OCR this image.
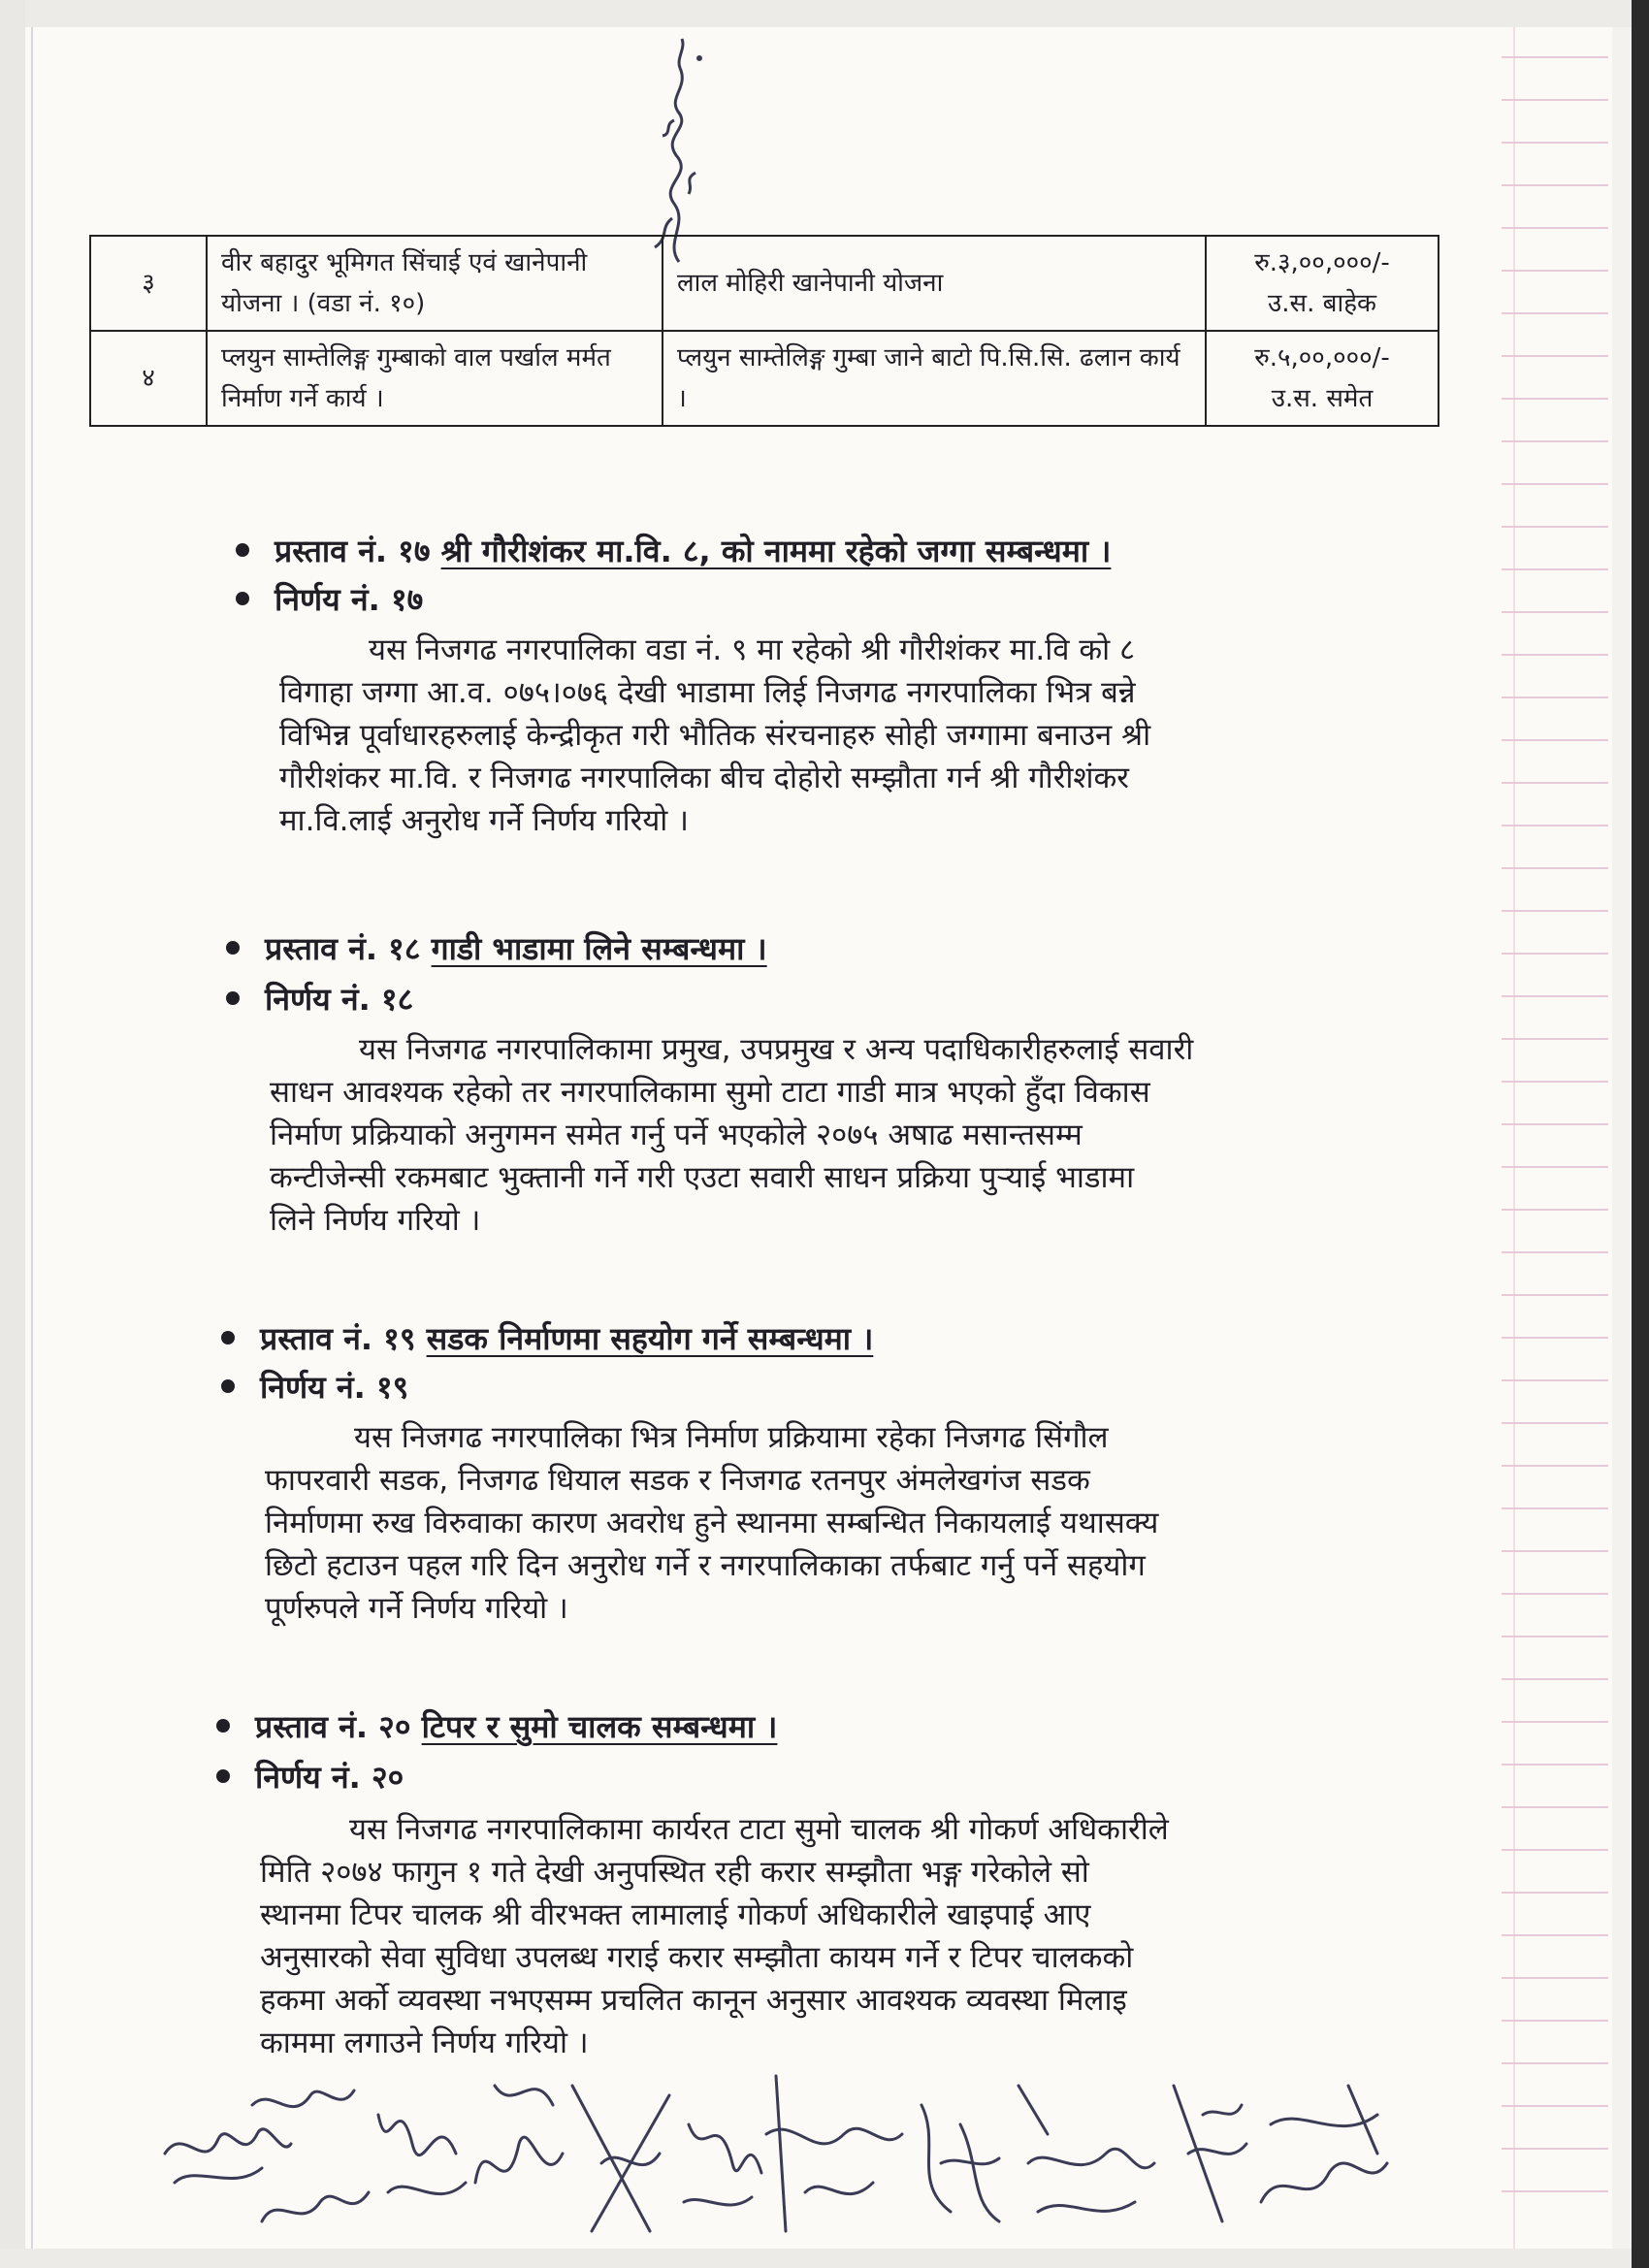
३	वीर बहादुर भूमिगत सिंचाई एवं खानेपानी योजना । (वडा नं. १०)	लाल मोहिरी खानेपानी योजना	रु.३,००,०००/-
उ.स. बाहेक

४	प्लयुन साम्तेलिङ्ग गुम्बाको वाल पर्खाल मर्मत निर्माण गर्ने कार्य ।	प्लयुन साम्तेलिङ्ग गुम्बा जाने बाटो पि.सि.सि. ढलान कार्य ।	रु.५,००,०००/-
उ.स. समेत
प्रस्ताव नं. १७ श्री गौरीशंकर मा.वि. ८, को नाममा रहेको जग्गा सम्बन्धमा ।
निर्णय नं. १७
यस निजगढ नगरपालिका वडा नं. ९ मा रहेको श्री गौरीशंकर मा.वि को ८
विगाहा जग्गा आ.व. ०७५।०७६ देखी भाडामा लिई निजगढ नगरपालिका भित्र बन्ने
विभिन्न पूर्वाधारहरुलाई केन्द्रीकृत गरी भौतिक संरचनाहरु सोही जग्गामा बनाउन श्री
गौरीशंकर मा.वि. र निजगढ नगरपालिका बीच दोहोरो सम्झौता गर्न श्री गौरीशंकर
मा.वि.लाई अनुरोध गर्ने निर्णय गरियो ।
प्रस्ताव नं. १८ गाडी भाडामा लिने सम्बन्धमा ।
निर्णय नं. १८
यस निजगढ नगरपालिकामा प्रमुख, उपप्रमुख र अन्य पदाधिकारीहरुलाई सवारी
साधन आवश्यक रहेको तर नगरपालिकामा सुमो टाटा गाडी मात्र भएको हुँदा विकास
निर्माण प्रक्रियाको अनुगमन समेत गर्नु पर्ने भएकोले २०७५ अषाढ मसान्तसम्म
कन्टीजेन्सी रकमबाट भुक्तानी गर्ने गरी एउटा सवारी साधन प्रक्रिया पुर्‍याई भाडामा
लिने निर्णय गरियो ।
प्रस्ताव नं. १९ सडक निर्माणमा सहयोग गर्ने सम्बन्धमा ।
निर्णय नं. १९
यस निजगढ नगरपालिका भित्र निर्माण प्रक्रियामा रहेका निजगढ सिंगौल
फापरवारी सडक, निजगढ धियाल सडक र निजगढ रतनपुर अंमलेखगंज सडक
निर्माणमा रुख विरुवाका कारण अवरोध हुने स्थानमा सम्बन्धित निकायलाई यथासक्य
छिटो हटाउन पहल गरि दिन अनुरोध गर्ने र नगरपालिकाका तर्फबाट गर्नु पर्ने सहयोग
पूर्णरुपले गर्ने निर्णय गरियो ।
प्रस्ताव नं. २० टिपर र सुमो चालक सम्बन्धमा ।
निर्णय नं. २०
यस निजगढ नगरपालिकामा कार्यरत टाटा सुमो चालक श्री गोकर्ण अधिकारीले
मिति २०७४ फागुन १ गते देखी अनुपस्थित रही करार सम्झौता भङ्ग गरेकोले सो
स्थानमा टिपर चालक श्री वीरभक्त लामालाई गोकर्ण अधिकारीले खाइपाई आए
अनुसारको सेवा सुविधा उपलब्ध गराई करार सम्झौता कायम गर्ने र टिपर चालकको
हकमा अर्को व्यवस्था नभएसम्म प्रचलित कानून अनुसार आवश्यक व्यवस्था मिलाइ
काममा लगाउने निर्णय गरियो ।
